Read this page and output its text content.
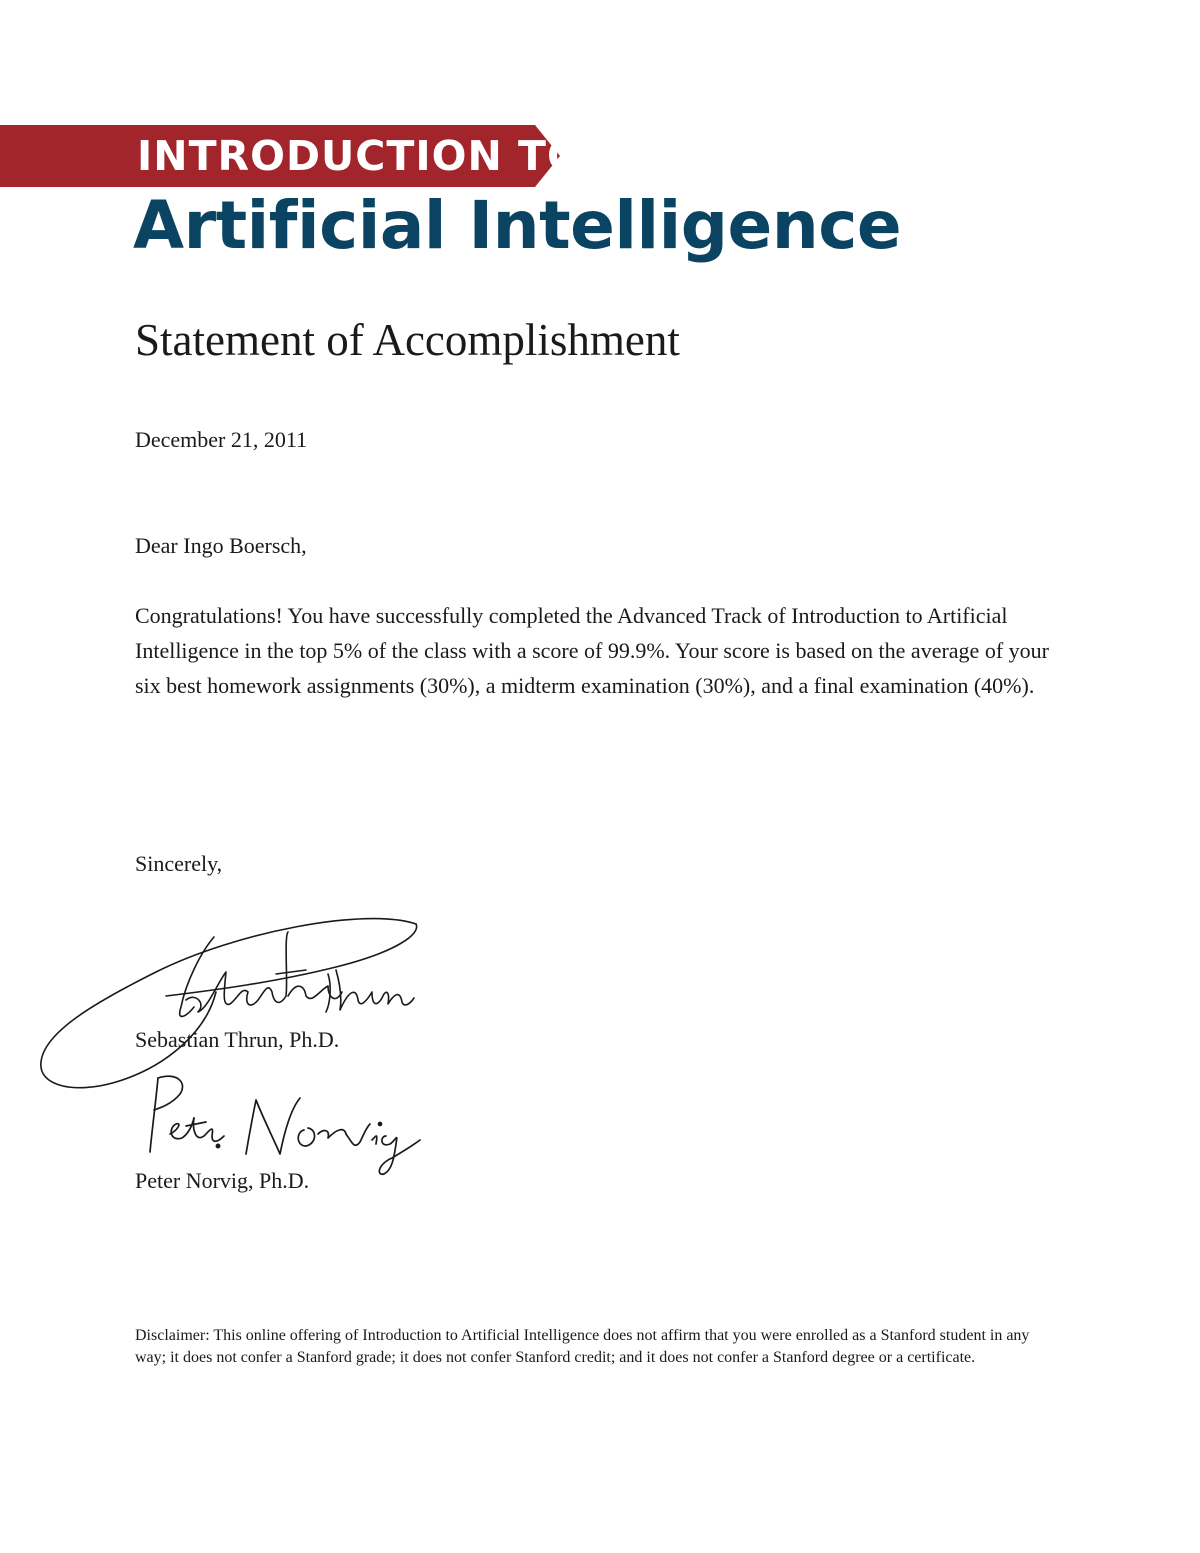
INTRODUCTION TO
Artificial Intelligence
Statement of Accomplishment
December 21, 2011
Dear Ingo Boersch,
Congratulations! You have successfully completed the Advanced Track of Introduction to Artificial Intelligence in the top 5% of the class with a score of 99.9%. Your score is based on the average of your six best homework assignments (30%), a midterm examination (30%), and a final examination (40%).
Sincerely,
Sebastian Thrun, Ph.D.
Peter Norvig, Ph.D.
Disclaimer: This online offering of Introduction to Artificial Intelligence does not affirm that you were enrolled as a Stanford student in any way; it does not confer a Stanford grade; it does not confer Stanford credit; and it does not confer a Stanford degree or a certificate.
